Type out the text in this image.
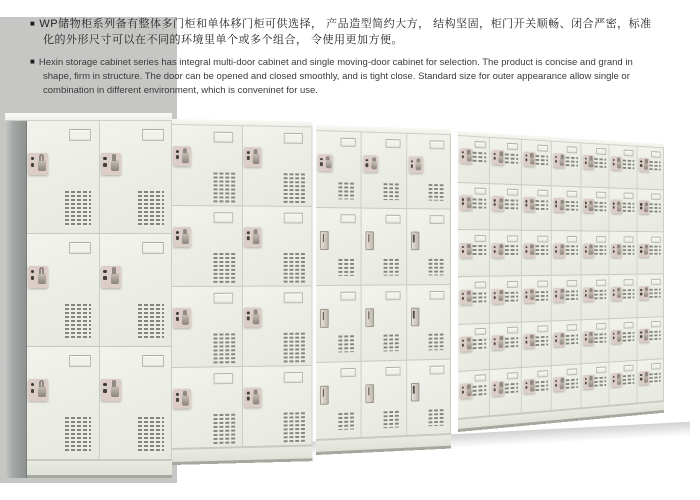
■ WP储物柜系列备有整体多门柜和单体移门柜可供选择， 产品造型简约大方， 结构坚固，柜门开关顺畅、闭合严密，标准化的外形尺寸可以在不同的环境里单个或多个组合， 令使用更加方便。

■ Hexin storage cabinet series has integral multi-door cabinet and single moving-door cabinet for selection. The product is concise and grand in shape, firm in structure. The door can be opened and closed smoothly, and is tight close. Standard size for outer appearance allow single or combination in different environment, which is conveninet for use.
